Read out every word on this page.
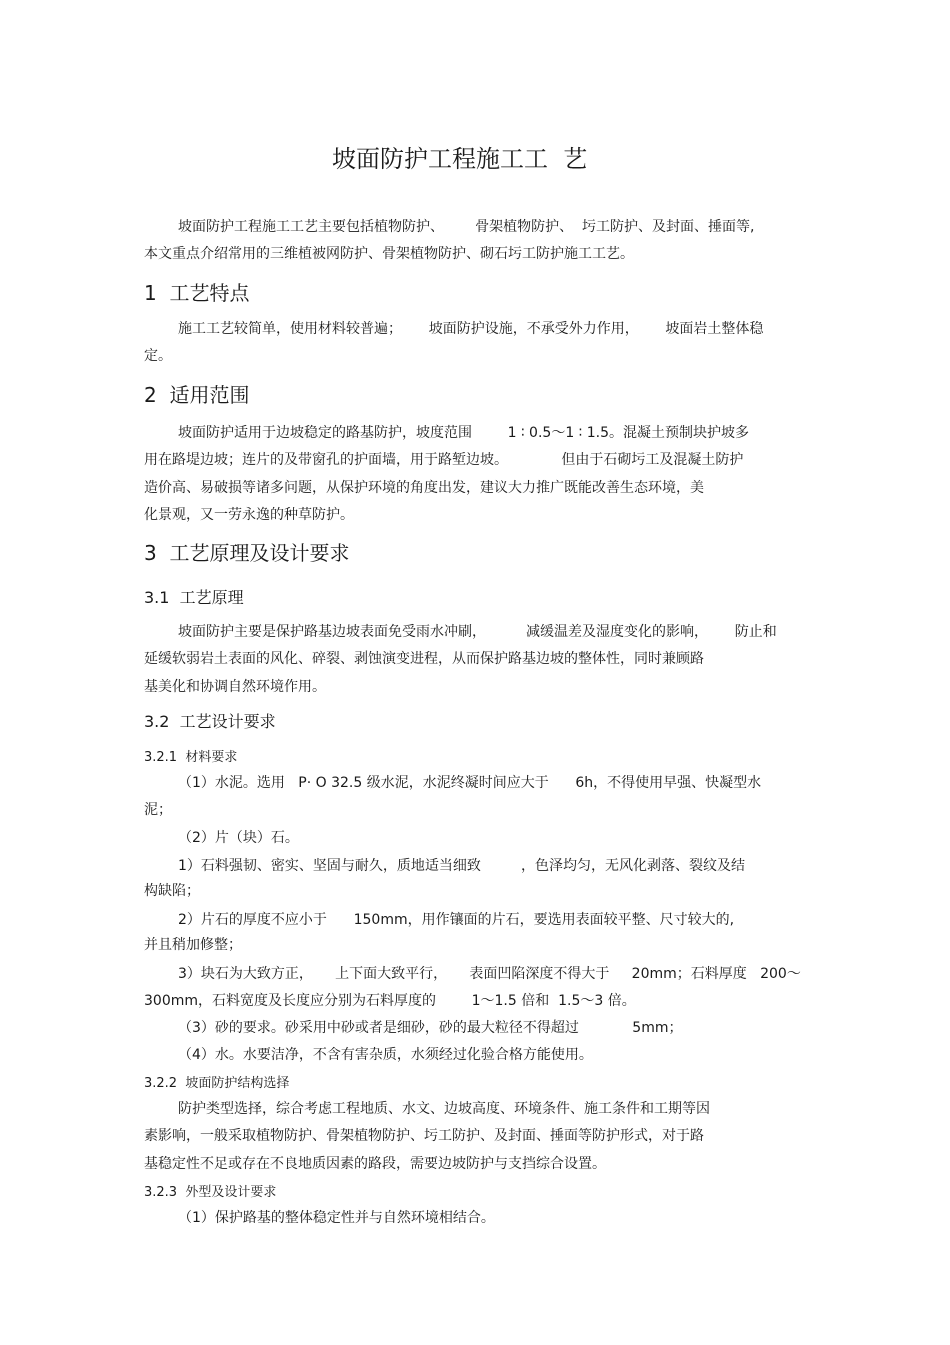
坡面防护工程施工工  艺
坡面防护工程施工工艺主要包括植物防护、       骨架植物防护、  圬工防护、及封面、捶面等,
本文重点介绍常用的三维植被网防护、骨架植物防护、砌石圬工防护施工工艺。
1  工艺特点
施工工艺较简单，使用材料较普遍；      坡面防护设施，不承受外力作用，      坡面岩土整体稳
定。
2  适用范围
坡面防护适用于边坡稳定的路基防护，坡度范围        1 ∶ 0.5～1 ∶ 1.5。混凝土预制块护坡多
用在路堤边坡；连片的及带窗孔的护面墙，用于路堑边坡。            但由于石砌圬工及混凝土防护
造价高、易破损等诸多问题，从保护环境的角度出发，建议大力推广既能改善生态环境，美
化景观，又一劳永逸的种草防护。
3  工艺原理及设计要求
3.1  工艺原理
坡面防护主要是保护路基边坡表面免受雨水冲刷，         减缓温差及湿度变化的影响，      防止和
延缓软弱岩土表面的风化、碎裂、剥蚀演变进程，从而保护路基边坡的整体性，同时兼顾路
基美化和协调自然环境作用。
3.2  工艺设计要求
3.2.1  材料要求
（1）水泥。选用   P· O 32.5 级水泥，水泥终凝时间应大于      6h，不得使用早强、快凝型水
泥；
（2）片（块）石。
1）石料强韧、密实、坚固与耐久，质地适当细致         ，色泽均匀，无风化剥落、裂纹及结
构缺陷；
2）片石的厚度不应小于      150mm，用作镶面的片石，要选用表面较平整、尺寸较大的,
并且稍加修整；
3）块石为大致方正，     上下面大致平行，     表面凹陷深度不得大于     20mm；石料厚度   200～
300mm，石料宽度及长度应分别为石料厚度的        1～1.5 倍和  1.5～3 倍。
（3）砂的要求。砂采用中砂或者是细砂，砂的最大粒径不得超过            5mm；
（4）水。水要洁净，不含有害杂质，水须经过化验合格方能使用。
3.2.2  坡面防护结构选择
防护类型选择，综合考虑工程地质、水文、边坡高度、环境条件、施工条件和工期等因
素影响，一般采取植物防护、骨架植物防护、圬工防护、及封面、捶面等防护形式，对于路
基稳定性不足或存在不良地质因素的路段，需要边坡防护与支挡综合设置。
3.2.3  外型及设计要求
（1）保护路基的整体稳定性并与自然环境相结合。
